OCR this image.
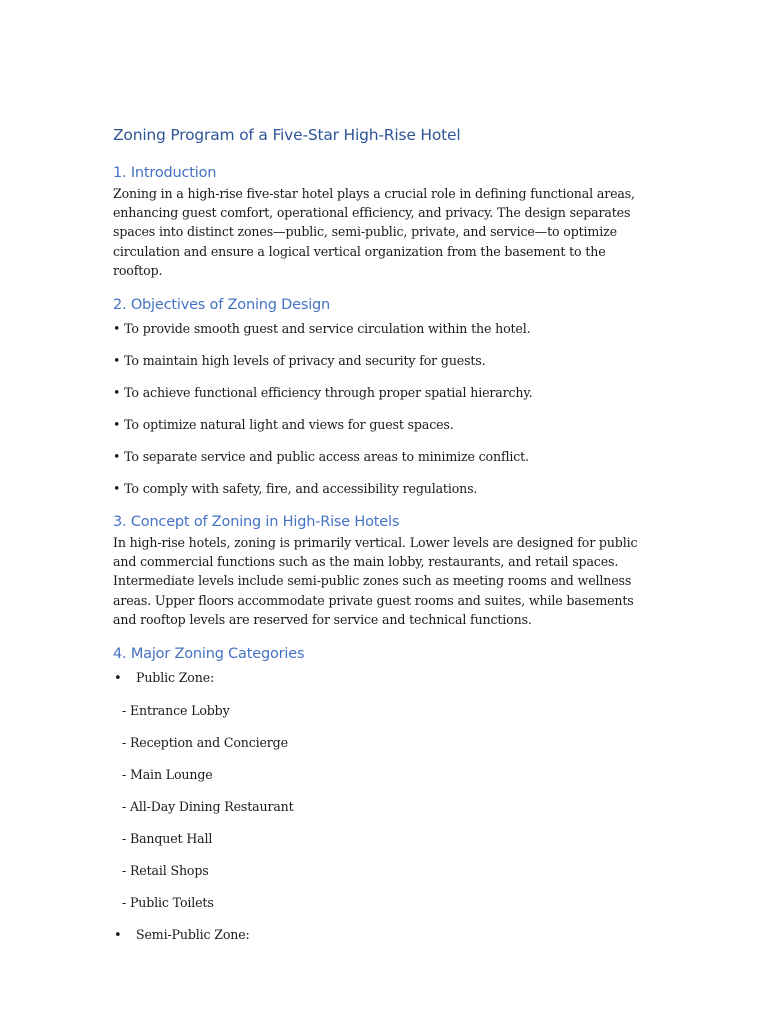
Zoning Program of a Five-Star High-Rise Hotel
1. Introduction

Zoning in a high-rise five-star hotel plays a crucial role in defining functional areas, enhancing guest comfort, operational efficiency, and privacy. The design separates spaces into distinct zones—public, semi-public, private, and service—to optimize circulation and ensure a logical vertical organization from the basement to the rooftop.

2. Objectives of Zoning Design

• To provide smooth guest and service circulation within the hotel.

• To maintain high levels of privacy and security for guests.

• To achieve functional efficiency through proper spatial hierarchy.

• To optimize natural light and views for guest spaces.

• To separate service and public access areas to minimize conflict.

• To comply with safety, fire, and accessibility regulations.

3. Concept of Zoning in High-Rise Hotels

In high-rise hotels, zoning is primarily vertical. Lower levels are designed for public and commercial functions such as the main lobby, restaurants, and retail spaces. Intermediate levels include semi-public zones such as meeting rooms and wellness areas. Upper floors accommodate private guest rooms and suites, while basements and rooftop levels are reserved for service and technical functions.

4. Major Zoning Categories
•	Public Zone:

- Entrance Lobby

- Reception and Concierge

- Main Lounge

- All-Day Dining Restaurant

- Banquet Hall

- Retail Shops

- Public Toilets

•	Semi-Public Zone:
